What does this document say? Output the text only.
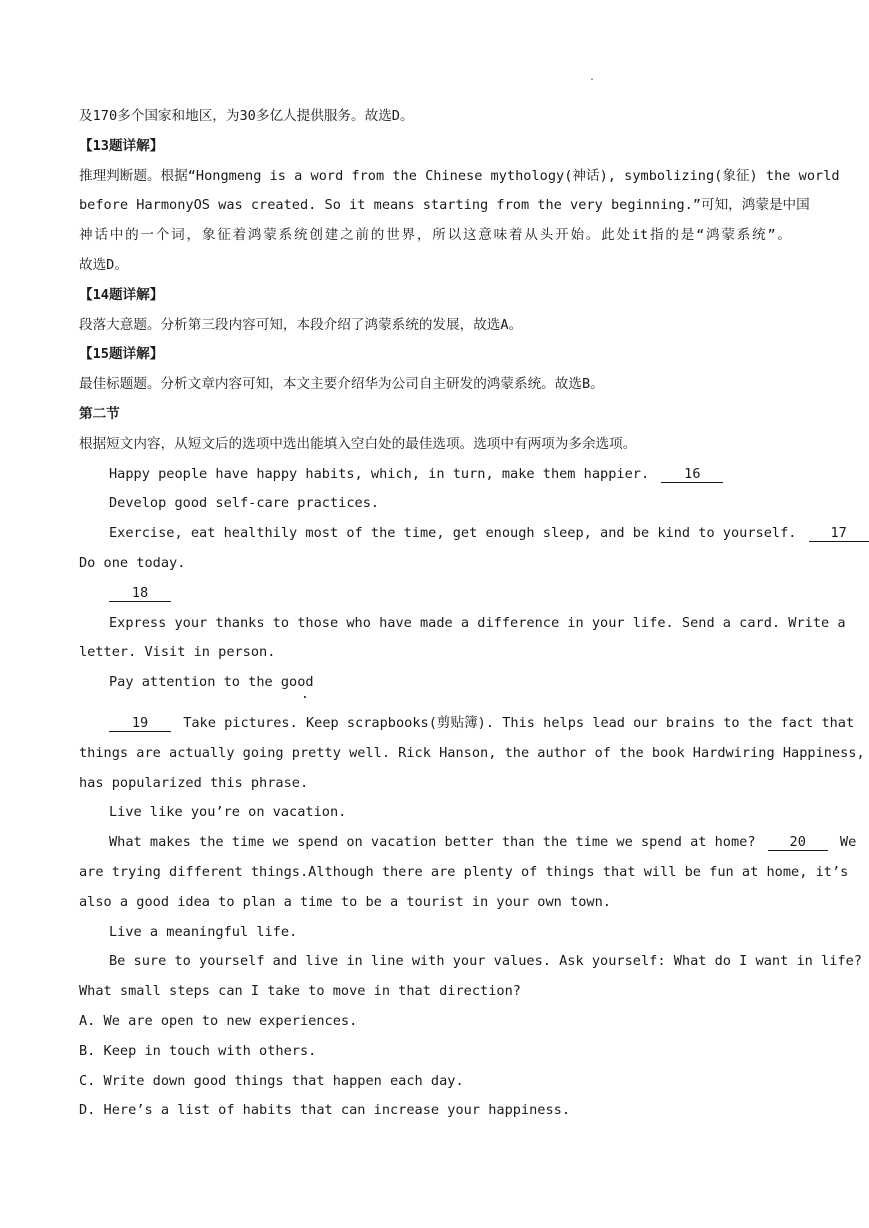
.
及170多个国家和地区，为30多亿人提供服务。故选D。
【13题详解】
推理判断题。根据“Hongmeng is a word from the Chinese mythology(神话), symbolizing(象征) the world
before HarmonyOS was created. So it means starting from the very beginning.”可知，鸿蒙是中国
神话中的一个词，象征着鸿蒙系统创建之前的世界，所以这意味着从头开始。此处it指的是“鸿蒙系统”。
故选D。
【14题详解】
段落大意题。分析第三段内容可知，本段介绍了鸿蒙系统的发展，故选A。
【15题详解】
最佳标题题。分析文章内容可知，本文主要介绍华为公司自主研发的鸿蒙系统。故选B。
第二节
根据短文内容，从短文后的选项中选出能填入空白处的最佳选项。选项中有两项为多余选项。
Happy people have happy habits, which, in turn, make them happier.	16
Develop good self-care practices.
Exercise, eat healthily most of the time, get enough sleep, and be kind to yourself.	17
Do one today.
18
Express your thanks to those who have made a difference in your life. Send a card. Write a
letter. Visit in person.
Pay attention to the good
19	Take pictures. Keep scrapbooks(剪贴簿). This helps lead our brains to the fact that
things are actually going pretty well. Rick Hanson, the author of the book Hardwiring Happiness,
has popularized this phrase.
Live like you’re on vacation.
What makes the time we spend on vacation better than the time we spend at home?	20	We
are trying different things.Although there are plenty of things that will be fun at home, it’s
also a good idea to plan a time to be a tourist in your own town.
Live a meaningful life.
Be sure to yourself and live in line with your values. Ask yourself: What do I want in life?
What small steps can I take to move in that direction?
A. We are open to new experiences.
B. Keep in touch with others.
C. Write down good things that happen each day.
D. Here’s a list of habits that can increase your happiness.
.
